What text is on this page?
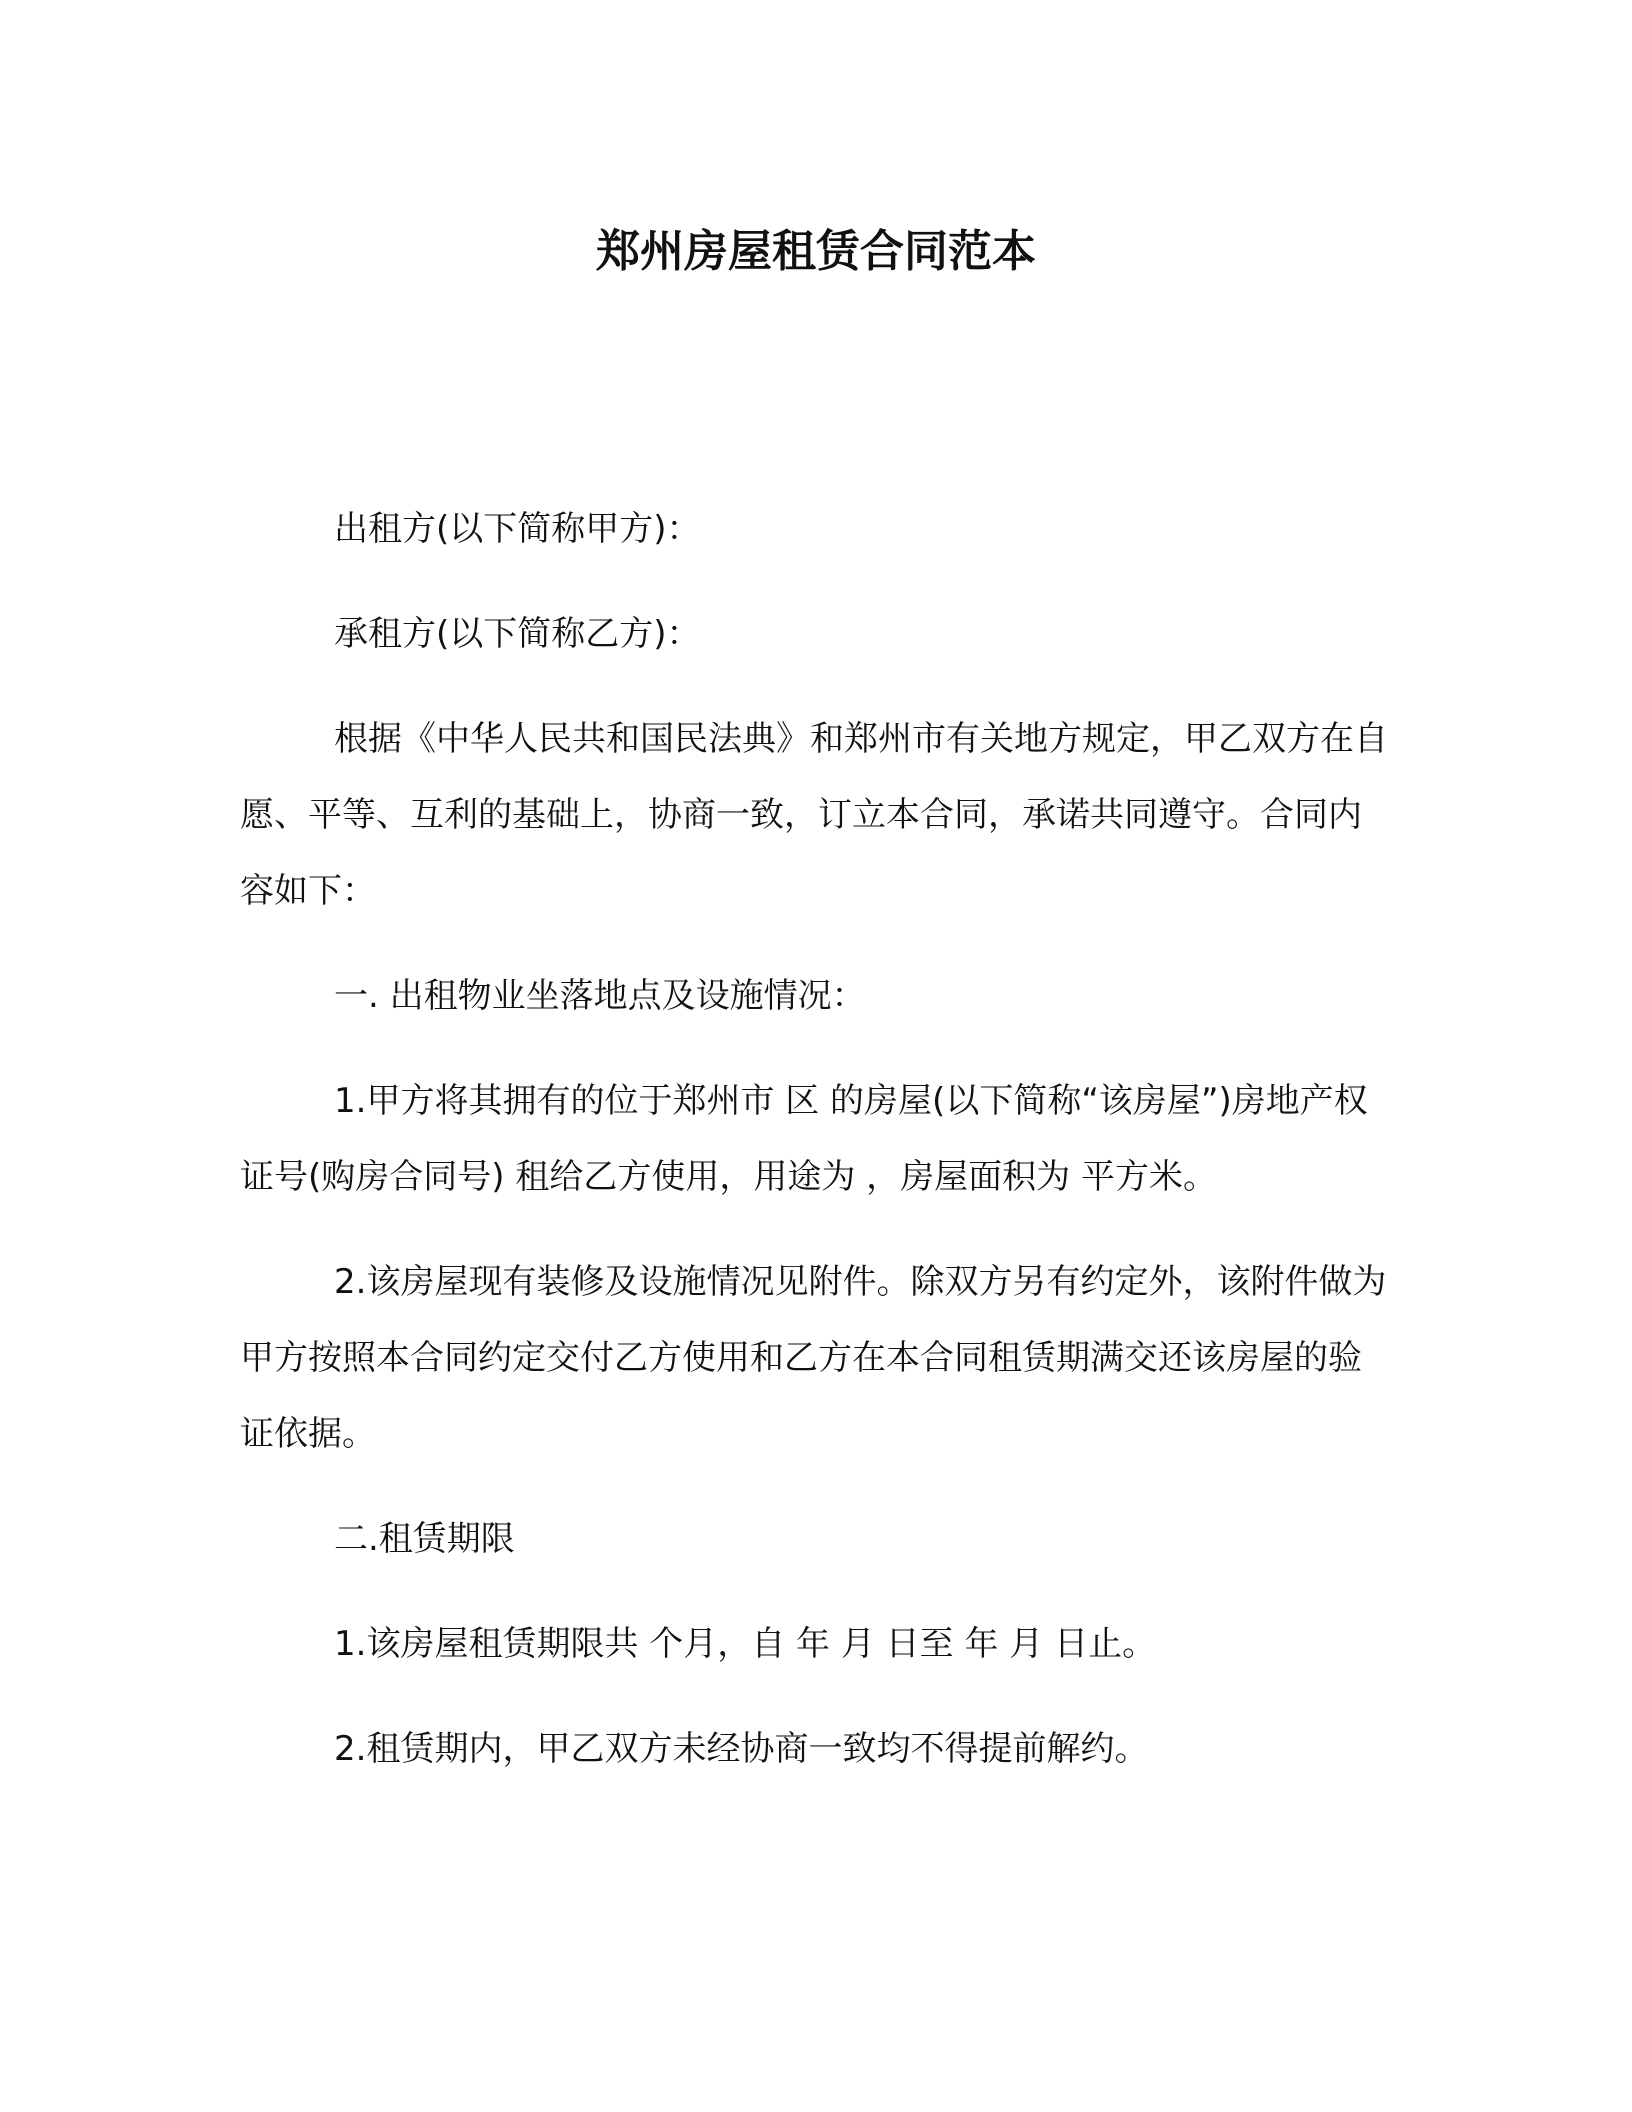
郑州房屋租赁合同范本

出租方(以下简称甲方)：

承租方(以下简称乙方)：

根据《中华人民共和国民法典》和郑州市有关地方规定，甲乙双方在自愿、平等、互利的基础上，协商一致，订立本合同，承诺共同遵守。合同内容如下：

一. 出租物业坐落地点及设施情况：

1.甲方将其拥有的位于郑州市 区 的房屋(以下简称“该房屋”)房地产权证号(购房合同号) 租给乙方使用，用途为 ，房屋面积为 平方米。

2.该房屋现有装修及设施情况见附件。除双方另有约定外，该附件做为甲方按照本合同约定交付乙方使用和乙方在本合同租赁期满交还该房屋的验证依据。

二.租赁期限

1.该房屋租赁期限共 个月，自 年 月 日至 年 月 日止。

2.租赁期内，甲乙双方未经协商一致均不得提前解约。
